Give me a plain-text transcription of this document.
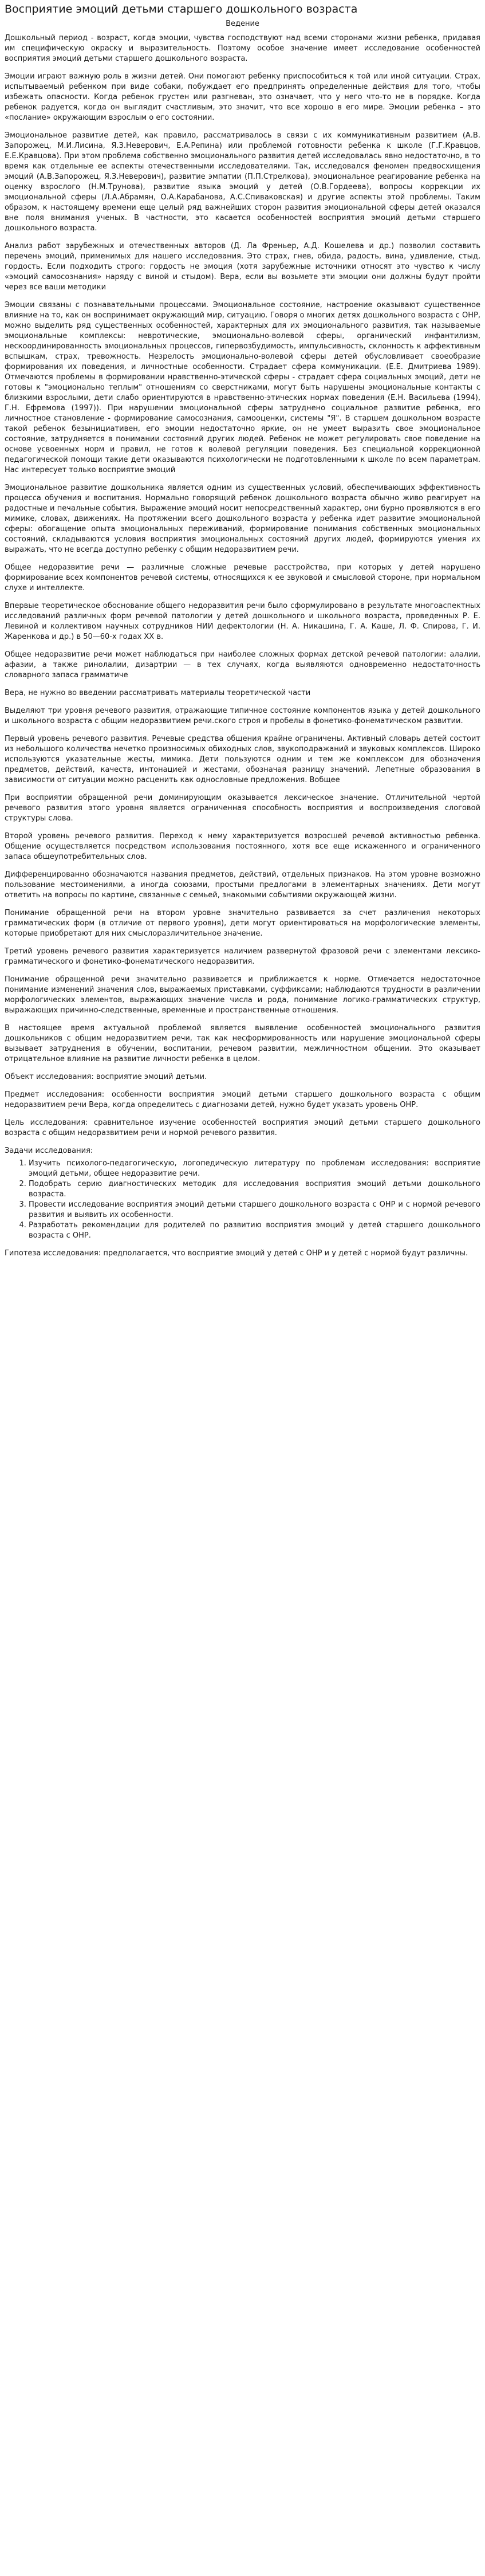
Восприятие эмоций детьми старшего дошкольного возраста
Ведение

Дошкольный период - возраст, когда эмоции, чувства господствуют над всеми сторонами жизни ребенка, придавая им специфическую окраску и выразительность. Поэтому особое значение имеет исследование особенностей восприятия эмоций детьми старшего дошкольного возраста.

Эмоции играют важную роль в жизни детей. Они помогают ребенку приспособиться к той или иной ситуации. Страх, испытываемый ребенком при виде собаки, побуждает его предпринять определенные действия для того, чтобы избежать опасности. Когда ребенок грустен или разгневан, это означает, что у него что-то не в порядке. Когда ребенок радуется, когда он выглядит счастливым, это значит, что все хорошо в его мире. Эмоции ребенка – это «послание» окружающим взрослым о его состоянии.

Эмоциональное развитие детей, как правило, рассматривалось в связи с их коммуникативным развитием (А.В. Запорожец, М.И.Лисина, Я.З.Неверович, Е.А.Репина) или проблемой готовности ребенка к школе (Г.Г.Кравцов, Е.Е.Кравцова). При этом проблема собственно эмоционального развития детей исследовалась явно недостаточно, в то время как отдельные ее аспекты отечественными исследователями. Так, исследовался феномен предвосхищения эмоций (А.В.Запорожец, Я.З.Неверович), развитие эмпатии (П.П.Стрелкова), эмоциональное реагирование ребенка на оценку взрослого (Н.М.Трунова), развитие языка эмоций у детей (О.В.Гордеева), вопросы коррекции их эмоциональной сферы (Л.А.Абрамян, О.А.Карабанова, А.С.Спиваковская) и другие аспекты этой проблемы. Таким образом, к настоящему времени еще целый ряд важнейших сторон развития эмоциональной сферы детей оказался вне поля внимания ученых. В частности, это касается особенностей восприятия эмоций детьми старшего дошкольного возраста.

Анализ работ зарубежных и отечественных авторов (Д. Ла Френьер, А.Д. Кошелева и др.) позволил составить перечень эмоций, применимых для нашего исследования. Это страх, гнев, обида, радость, вина, удивление, стыд, гордость. Если подходить строго: гордость не эмоция (хотя зарубежные источники относят это чувство к числу «эмоций самосознания» наряду с виной и стыдом). Вера, если вы возьмете эти эмоции они должны будут пройти через все ваши методики

Эмоции связаны с познавательными процессами. Эмоциональное состояние, настроение оказывают существенное влияние на то, как он воспринимает окружающий мир, ситуацию. Говоря о многих детях дошкольного возраста с ОНР, можно выделить ряд существенных особенностей, характерных для их эмоционального развития, так называемые эмоциональные комплексы: невротические, эмоционально-волевой сферы, органический инфантилизм, нескоординированность эмоциональных процессов, гипервозбудимость, импульсивность, склонность к аффективным вспышкам, страх, тревожность. Незрелость эмоционально-волевой сферы детей обусловливает своеобразие формирования их поведения, и личностные особенности. Страдает сфера коммуникации. (Е.Е. Дмитриева 1989). Отмечаются проблемы в формировании нравственно-этической сферы - страдает сфера социальных эмоций, дети не готовы к "эмоционально теплым" отношениям со сверстниками, могут быть нарушены эмоциональные контакты с близкими взрослыми, дети слабо ориентируются в нравственно-этических нормах поведения (Е.Н. Васильева (1994), Г.Н. Ефремова (1997)). При нарушении эмоциональной сферы затруднено социальное развитие ребенка, его личностное становление - формирование самосознания, самооценки, системы "Я". В старшем дошкольном возрасте такой ребенок безынициативен, его эмоции недостаточно яркие, он не умеет выразить свое эмоциональное состояние, затрудняется в понимании состояний других людей. Ребенок не может регулировать свое поведение на основе усвоенных норм и правил, не готов к волевой регуляции поведения. Без специальной коррекционной педагогической помощи такие дети оказываются психологически не подготовленными к школе по всем параметрам. Нас интересует только восприятие эмоций

Эмоциональное развитие дошкольника является одним из существенных условий, обеспечивающих эффективность процесса обучения и воспитания. Нормально говорящий ребенок дошкольного возраста обычно живо реагирует на радостные и печальные события. Выражение эмоций носит непосредственный характер, они бурно проявляются в его мимике, словах, движениях. На протяжении всего дошкольного возраста у ребенка идет развитие эмоциональной сферы: обогащение опыта эмоциональных переживаний, формирование понимания собственных эмоциональных состояний, складываются условия восприятия эмоциональных состояний других людей, формируются умения их выражать, что не всегда доступно ребенку с общим недоразвитием речи.

Общее недоразвитие речи — различные сложные речевые расстройства, при которых у детей нарушено формирование всех компонентов речевой системы, относящихся к ее звуковой и смысловой стороне, при нормальном слухе и интеллекте.

Впервые теоретическое обоснование общего недоразвития речи было сформулировано в результате многоаспектных исследований различных форм речевой патологии у детей дошкольного и школьного возраста, проведенных Р. Е. Левиной и коллективом научных сотрудников НИИ дефектологии (Н. А. Никашина, Г. А. Каше, Л. Ф. Спирова, Г. И. Жаренкова и др.) в 50—60-х годах ХХ в.

Общее недоразвитие речи может наблюдаться при наиболее сложных формах детской речевой патологии: алалии, афазии, а также ринолалии, дизартрии — в тех случаях, когда выявляются одновременно недостаточность словарного запаса грамматичe

Вера, не нужно во введении рассматривать материалы теоретической части

Выделяют три уровня речевого развития, отражающие типичное состояние компонентов языка у детей дошкольного и школьного возраста с общим недоразвитием речи.ского строя и пробелы в фонетико-фонематическом развитии.

Первый уровень речевого развития. Речевые средства общения крайне ограничены. Активный словарь детей состоит из небольшого количества нечетко произносимых обиходных слов, звукоподражаний и звуковых комплексов. Широко используются указательные жесты, мимика. Дети пользуются одним и тем же комплексом для обозначения предметов, действий, качеств, интонацией и жестами, обозначая разницу значений. Лепетные образования в зависимости от ситуации можно расценить как однословные предложения. Вобщее

При восприятии обращенной речи доминирующим оказывается лексическое значение. Отличительной чертой речевого развития этого уровня является ограниченная способность восприятия и воспроизведения слоговой структуры слова.

Второй уровень речевого развития. Переход к нему характеризуется возросшей речевой активностью ребенка. Общение осуществляется посредством использования постоянного, хотя все еще искаженного и ограниченного запаса общеупотребительных слов.

Дифференцированно обозначаются названия предметов, действий, отдельных признаков. На этом уровне возможно пользование местоимениями, а иногда союзами, простыми предлогами в элементарных значениях. Дети могут ответить на вопросы по картине, связанные с семьей, знакомыми событиями окружающей жизни.

Понимание обращенной речи на втором уровне значительно развивается за счет различения некоторых грамматических форм (в отличие от первого уровня), дети могут ориентироваться на морфологические элементы, которые приобретают для них смыслоразличительное значение.

Третий уровень речевого развития характеризуется наличием развернутой фразовой речи с элементами лексико-грамматического и фонетико-фонематического недоразвития.

Понимание обращенной речи значительно развивается и приближается к норме. Отмечается недостаточное понимание изменений значения слов, выражаемых приставками, суффиксами; наблюдаются трудности в различении морфологических элементов, выражающих значение числа и рода, понимание логико-грамматических структур, выражающих причинно-следственные, временные и пространственные отношения.

В настоящее время актуальной проблемой является выявление особенностей эмоционального развития дошкольников с общим недоразвитием речи, так как несформированность или нарушение эмоциональной сферы вызывает затруднения в обучении, воспитании, речевом развитии, межличностном общении. Это оказывает отрицательное влияние на развитие личности ребенка в целом.

Объект исследования: восприятие эмоций детьми.

Предмет исследования: особенности восприятия эмоций детьми старшего дошкольного возраста с общим недоразвитием речи Вера, когда определитесь с диагнозами детей, нужно будет указать уровень ОНР.

Цель исследования: сравнительное изучение особенностей восприятия эмоций детьми старшего дошкольного возраста с общим недоразвитием речи и нормой речевого развития.

Задачи исследования:

1. Изучить психолого-педагогическую, логопедическую литературу по проблемам исследования: восприятие эмоций детьми, общее недоразвитие речи.
2. Подобрать серию диагностических методик для исследования восприятия эмоций детьми дошкольного возраста.
3. Провести исследование восприятия эмоций детьми старшего дошкольного возраста с ОНР и с нормой речевого развития и выявить их особенности.
4. Разработать рекомендации для родителей по развитию восприятия эмоций у детей старшего дошкольного возраста с ОНР.

Гипотеза исследования: предполагается, что восприятие эмоций у детей с ОНР и у детей с нормой будут различны.
